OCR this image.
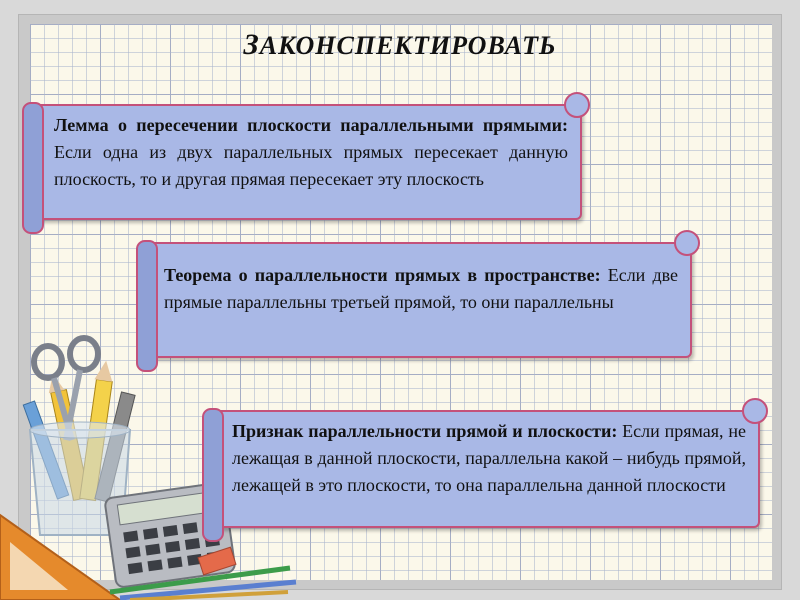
ЗАКОНСПЕКТИРОВАТЬ
Лемма о пересечении плоскости параллельными прямыми: Если одна из двух параллельных прямых пересекает данную плоскость, то и другая прямая пересекает эту плоскость
Теорема о параллельности прямых в пространстве: Если две прямые параллельны третьей прямой, то они параллельны
Признак параллельности прямой и плоскости: Если прямая, не лежащая в данной плоскости, параллельна какой – нибудь прямой, лежащей в это плоскости, то она параллельна данной плоскости
